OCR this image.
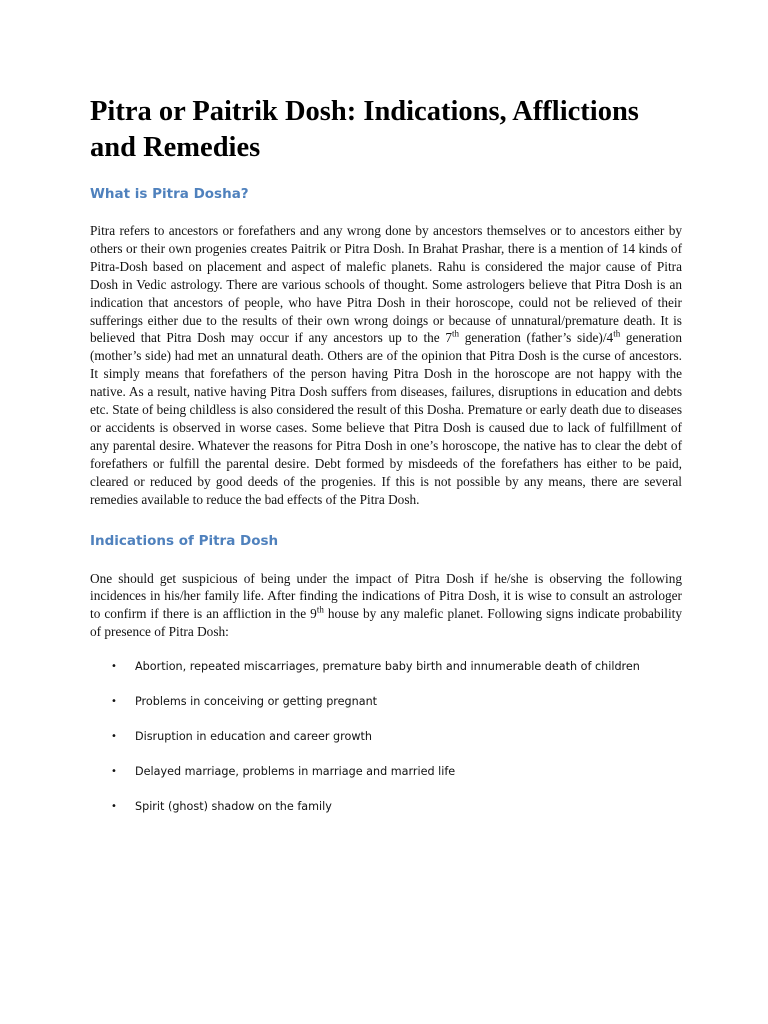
Pitra or Paitrik Dosh: Indications, Afflictions and Remedies
What is Pitra Dosha?

Pitra refers to ancestors or forefathers and any wrong done by ancestors themselves or to ancestors either by others or their own progenies creates Paitrik or Pitra Dosh. In Brahat Prashar, there is a mention of 14 kinds of Pitra-Dosh based on placement and aspect of malefic planets. Rahu is considered the major cause of Pitra Dosh in Vedic astrology. There are various schools of thought. Some astrologers believe that Pitra Dosh is an indication that ancestors of people, who have Pitra Dosh in their horoscope, could not be relieved of their sufferings either due to the results of their own wrong doings or because of unnatural/premature death. It is believed that Pitra Dosh may occur if any ancestors up to the 7th generation (father’s side)/4th generation (mother’s side) had met an unnatural death. Others are of the opinion that Pitra Dosh is the curse of ancestors. It simply means that forefathers of the person having Pitra Dosh in the horoscope are not happy with the native. As a result, native having Pitra Dosh suffers from diseases, failures, disruptions in education and debts etc. State of being childless is also considered the result of this Dosha. Premature or early death due to diseases or accidents is observed in worse cases. Some believe that Pitra Dosh is caused due to lack of fulfillment of any parental desire. Whatever the reasons for Pitra Dosh in one’s horoscope, the native has to clear the debt of forefathers or fulfill the parental desire. Debt formed by misdeeds of the forefathers has either to be paid, cleared or reduced by good deeds of the progenies. If this is not possible by any means, there are several remedies available to reduce the bad effects of the Pitra Dosh.

Indications of Pitra Dosh

One should get suspicious of being under the impact of Pitra Dosh if he/she is observing the following incidences in his/her family life. After finding the indications of Pitra Dosh, it is wise to consult an astrologer to confirm if there is an affliction in the 9th house by any malefic planet. Following signs indicate probability of presence of Pitra Dosh:

• Abortion, repeated miscarriages, premature baby birth and innumerable death of children
• Problems in conceiving or getting pregnant
• Disruption in education and career growth
• Delayed marriage, problems in marriage and married life
• Spirit (ghost) shadow on the family
